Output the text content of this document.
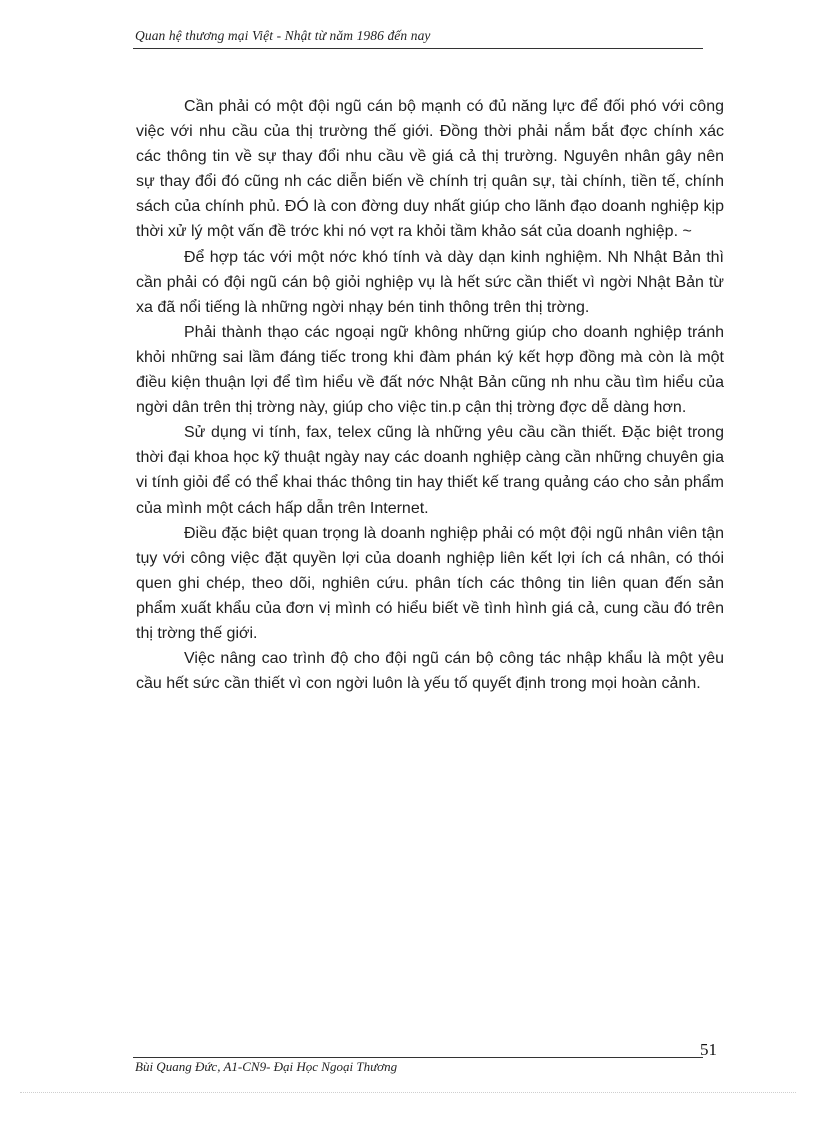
Quan hệ thương mại Việt - Nhật từ năm 1986 đến nay

Cần phải có một đội ngũ cán bộ mạnh có đủ năng lực để đối phó với công việc với nhu cầu của thị trường thế giới. Đồng thời phải nắm bắt đợc chính xác các thông tin về sự thay đổi nhu cầu về giá cả thị trường. Nguyên nhân gây nên sự thay đổi đó cũng nh các diễn biến về chính trị quân sự, tài chính, tiền tế, chính sách của chính phủ. ĐÓ là con đờng duy nhất giúp cho lãnh đạo doanh nghiệp kịp thời xử lý một vấn đề trớc khi nó vợt ra khỏi tầm khảo sát của doanh nghiệp. ~

Để hợp tác với một nớc khó tính và dày dạn kinh nghiệm. Nh Nhật Bản thì cần phải có đội ngũ cán bộ giỏi nghiệp vụ là hết sức cần thiết vì ngời Nhật Bản từ xa đã nổi tiếng là những ngời nhạy bén tinh thông trên thị trờng.

Phải thành thạo các ngoại ngữ không những giúp cho doanh nghiệp tránh khỏi những sai lầm đáng tiếc trong khi đàm phán ký kết hợp đồng mà còn là một điều kiện thuận lợi để tìm hiểu về đất nớc Nhật Bản cũng nh nhu cầu tìm hiểu của ngời dân trên thị trờng này, giúp cho việc tin.p cận thị trờng đợc dễ dàng hơn.

Sử dụng vi tính, fax, telex cũng là những yêu cầu cần thiết. Đặc biệt trong thời đại khoa học kỹ thuật ngày nay các doanh nghiệp càng cần những chuyên gia vi tính giỏi để có thể khai thác thông tin hay thiết kế trang quảng cáo cho sản phẩm của mình một cách hấp dẫn trên Internet.

Điều đặc biệt quan trọng là doanh nghiệp phải có một đội ngũ nhân viên tận tụy với công việc đặt quyền lợi của doanh nghiệp liên kết lợi ích cá nhân, có thói quen ghi chép, theo dõi, nghiên cứu. phân tích các thông tin liên quan đến sản phẩm xuất khẩu của đơn vị mình có hiểu biết về tình hình giá cả, cung cầu đó trên thị trờng thế giới.

Việc nâng cao trình độ cho đội ngũ cán bộ công tác nhập khẩu là một yêu cầu hết sức cần thiết vì con ngời luôn là yếu tố quyết định trong mọi hoàn cảnh.

51
Bùi Quang Đức, A1-CN9- Đại Học Ngoại Thương
